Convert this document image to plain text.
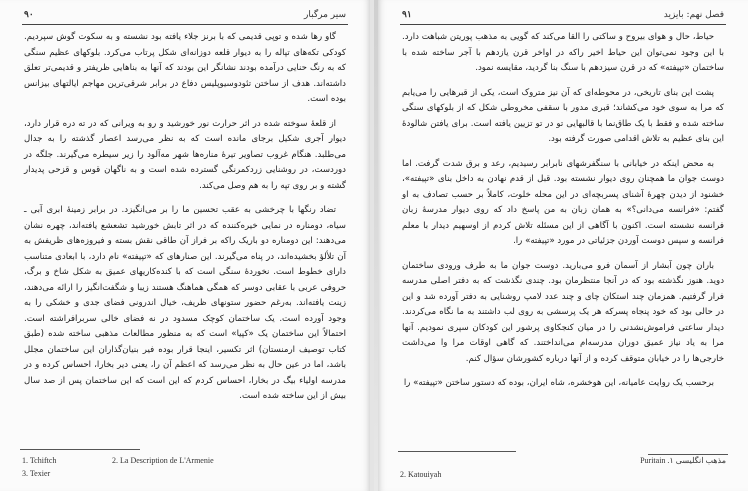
۹۰	سیر مرگبار

گاو رها شده و توپی قدیمی که با برنز جلاء یافته بود نشسته و به سکوت گوش سپردیم. کودکی تکه‌های تپاله را به دیوار قلعه دوزانه‌ای شکل پرتاب می‌کرد. بلوکهای عظیم سنگی که به رنگ حنایی درآمده بودند نشانگر این بودند که آنها به بناهایی ظریفتر و قدیمی‌تر تعلق داشته‌اند. هدف از ساختن تئودوسیوپلیس دفاع در برابر شرقی‌ترین مهاجم ایالتهای بیزانس بوده است.

از قلعهٔ سوخته شده در اثر حرارت نور خورشید و رو به ویرانی که در ته دره قرار دارد، دیوار آجری شکیل برجای مانده است که به نظر می‌رسد اعصار گذشته را به جدال می‌طلبد. هنگام غروب تصاویر تیرهٔ مناره‌ها شهر مه‌آلود را زیر سیطره می‌گیرند. جلگه در دوردست، در روشنایی زردکمرنگی گسترده شده است و به ناگهان قوس و قزحی پدیدار گشته و بر روی تپه را به هم وصل می‌کند.

تضاد رنگها با چرخشی به عقب تحسین ما را بر می‌انگیزد. در برابر زمینهٔ ابری آبی ـ سیاه، دومناره در نمایی خیره‌کننده که در اثر تابش خورشید تشعشع یافته‌اند، چهره نشان می‌دهند: این دومناره دو باریک راکه بر فراز آن طاقی نقش بسته و فیروزه‌های ظریفش به آن تلألؤ بخشیده‌اند، در پناه می‌گیرند. این صنارهای که «تپیفته» نام دارد، با ابعادی متناسب دارای خطوط است. نخوردهٔ سنگی است که با کنده‌کاریهای عمیق به شکل شاخ و برگ، حروفی عربی با عقابی دوسر که همگی هماهنگ هستند زیبا و شگفت‌انگیز را ارائه می‌دهند، زینت یافته‌اند. به‌رغم حضور ستونهای ظریف، خیال اندرونی فضای جدی و خشکی را به وجود آورده است. یک ساختمان کوچک مسدود در نه فضای خالی سربرافراشته است. احتمالاً این ساختمان یک «کپیا» است که به منظور مطالعات مذهبی ساخته شده (طبق کتاب توصیف ارمنستان) اثر تکسیر، اینجا قرار بوده فیر بنیان‌گذاران این ساختمان مجلل باشد، اما در عین حال به نظر می‌رسد که اعظم آن را، یعنی دیر بخارا، احساس کرده و در مدرسه اولیاء بیگ در بخارا، احساس کردم که این است که این ساختمان پس از صد سال بیش از این ساخته شده است.

1. Tchiftch	2. La Description de L'Armenie
3. Texier
۹۱	فصل نهم: بایزید

حیاط، حال و هوای بیروح و ساکتی را القا می‌کند که گویی به مذهب پوریتن شباهت دارد. با این وجود نمی‌توان این حیاط اخیر راکه در اواخر قرن یازدهم با آجر ساخته شده با ساختمان «تپیفته» که در قرن سیزدهم با سنگ بنا گردید، مقایسه نمود.

پشت این بنای تاریخی، در محوطه‌ای که آن نیز متروک است، یکی از قبرهایی را می‌یابم که مرا به سوی خود می‌کشاند؛ قبری مدور با سقفی مخروطی شکل که از بلوکهای سنگی ساخته شده و فقط با یک طاق‌نما با قالبهایی تو در تو تزیین یافته است. برای یافتن شالودهٔ این بنای عظیم به تلاش اقدامی صورت گرفته بود.

به محض اینکه در خیابانی با سنگفرشهای نابرابر رسیدیم، رعد و برق شدت گرفت. اما دوست جوان ما همچنان روی دیوار نشسته بود. قبل از قدم نهادن به داخل بنای «تپیفته»، خشنود از دیدن چهرهٔ آشنای پسربچه‌ای در این محله خلوت، کاملاً بر حسب تصادف به او گفتم: «فرانسه می‌دانی؟» به همان زبان به من پاسخ داد که روی دیوار مدرسهٔ زبان فرانسه نشسته است. اکنون با آگاهی از این مسئله تلاش کردم از اوسهیم دیدار با معلم فرانسه و سپس دوست آوردن جزئیاتی در مورد «تپیفته» را.

باران چون آبشار از آسمان فرو می‌بارید. دوست جوان ما به طرف ورودی ساختمان دوید. هنوز نگذشته بود که در آنجا منتظرمان بود. چندی نگذشت که به دفتر اصلی مدرسه فرار گرفتیم. همزمان چند استکان چای و چند عدد لامپ روشنایی به دفتر آورده شد و این در حالی بود که خود پنجاه پسرکه هر یک پرسشی به روی لب داشتند به ما نگاه می‌کردند. دیدار ساعتی فراموش‌نشدنی را در میان کنجکاوی پرشور این کودکان سپری نمودیم. آنها مرا به یاد نیاز عمیق دوران مدرسه‌ام می‌انداختند. که گاهی اوقات مرا وا می‌داشت خارجی‌ها را در خیابان متوقف کرده و از آنها درباره کشورشان سؤال کنم.

برحسب یک روایت عامیانه، این هوخشره، شاه ایران، بوده که دستور ساختن «تپیفته» را

Puritain .۱ مذهب انگلیسی
2. Katouiyah
